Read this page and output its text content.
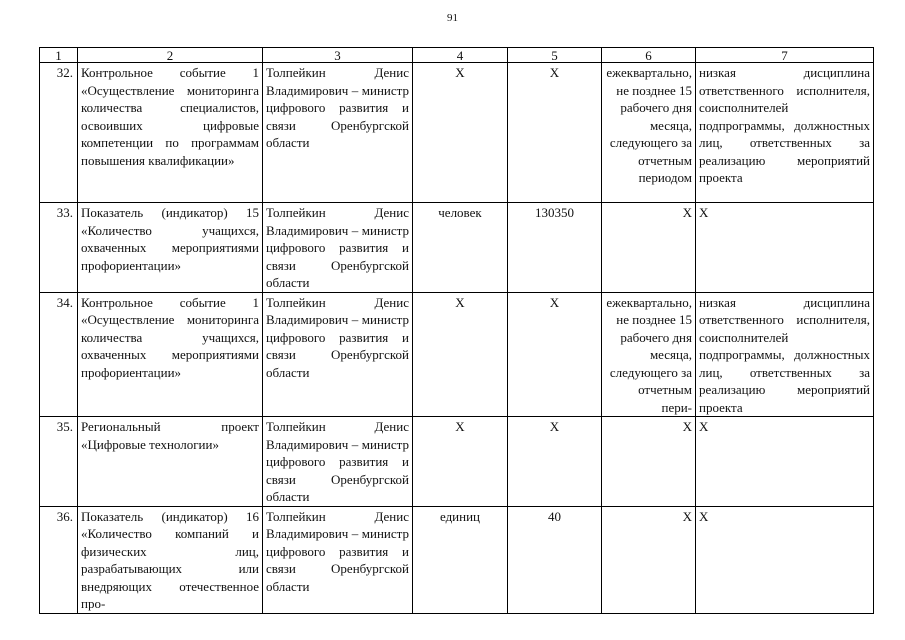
91
1	2	3	4	5	6	7
32.	Контрольное событие 1 «Осуществление мониторинга количества специалистов, освоивших цифровые компетенции по программам повышения квалификации»	Толпейкин Денис Владимирович – министр цифрового развития и связи Оренбургской области	X	X	ежеквартально, не позднее 15 рабочего дня месяца, следующего за отчетным периодом	низкая дисциплина ответственного исполнителя, соисполнителей подпрограммы, должностных лиц, ответственных за реализацию мероприятий проекта
33.	Показатель (индикатор) 15 «Количество учащихся, охваченных мероприятиями профориентации»	Толпейкин Денис Владимирович – министр цифрового развития и связи Оренбургской области	человек	130350	X	X
34.	Контрольное событие 1 «Осуществление мониторинга количества учащихся, охваченных мероприятиями профориентации»	Толпейкин Денис Владимирович – министр цифрового развития и связи Оренбургской области	X	X	ежеквартально, не позднее 15 рабочего дня месяца, следующего за отчетным пери-	низкая дисциплина ответственного исполнителя, соисполнителей подпрограммы, должностных лиц, ответственных за реализацию мероприятий проекта
35.	Региональный проект «Цифровые технологии»	Толпейкин Денис Владимирович – министр цифрового развития и связи Оренбургской области	X	X	X	X
36.	Показатель (индикатор) 16 «Количество компаний и физических лиц, разрабатывающих или внедряющих отечественное про-	Толпейкин Денис Владимирович – министр цифрового развития и связи Оренбургской области	единиц	40	X	X
